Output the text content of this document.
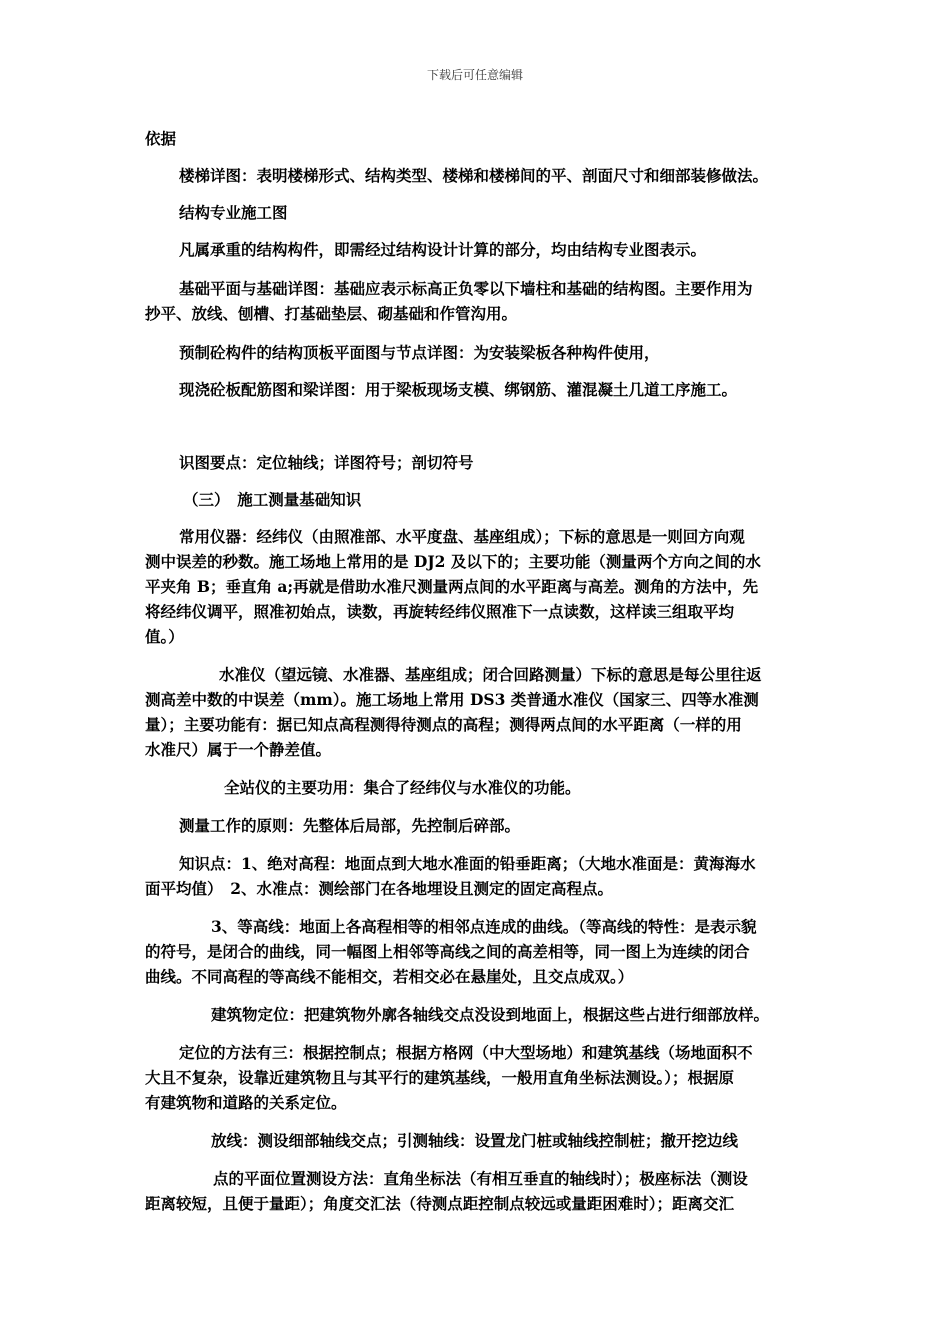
下载后可任意编辑

依据

楼梯详图：表明楼梯形式、结构类型、楼梯和楼梯间的平、剖面尺寸和细部装修做法。

结构专业施工图

凡属承重的结构构件，即需经过结构设计计算的部分，均由结构专业图表示。

基础平面与基础详图：基础应表示标高正负零以下墙柱和基础的结构图。主要作用为

抄平、放线、刨槽、打基础垫层、砌基础和作管沟用。

预制砼构件的结构顶板平面图与节点详图：为安装梁板各种构件使用，

现浇砼板配筋图和梁详图：用于梁板现场支模、绑钢筋、灌混凝土几道工序施工。

识图要点：定位轴线；详图符号；剖切符号

（三）　施工测量基础知识

常用仪器：经纬仪（由照准部、水平度盘、基座组成）；下标的意思是一则回方向观

测中误差的秒数。施工场地上常用的是 DJ2 及以下的；主要功能（测量两个方向之间的水

平夹角 B；垂直角 a;再就是借助水准尺测量两点间的水平距离与高差。测角的方法中，先

将经纬仪调平，照准初始点，读数，再旋转经纬仪照准下一点读数，这样读三组取平均

值。）

水准仪（望远镜、水准器、基座组成；闭合回路测量）下标的意思是每公里往返

测高差中数的中误差（mm）。施工场地上常用 DS3 类普通水准仪（国家三、四等水准测

量）；主要功能有：据已知点高程测得待测点的高程；测得两点间的水平距离（一样的用

水准尺）属于一个静差值。

全站仪的主要功用：集合了经纬仪与水准仪的功能。

测量工作的原则：先整体后局部，先控制后碎部。

知识点：1、绝对高程：地面点到大地水准面的铅垂距离；（大地水准面是：黄海海水

面平均值）　2、水准点：测绘部门在各地埋设且测定的固定高程点。

3、等高线：地面上各高程相等的相邻点连成的曲线。（等高线的特性：是表示貌

的符号，是闭合的曲线，同一幅图上相邻等高线之间的高差相等，同一图上为连续的闭合

曲线。不同高程的等高线不能相交，若相交必在悬崖处，且交点成双。）

建筑物定位：把建筑物外廓各轴线交点没设到地面上，根据这些占进行细部放样。

定位的方法有三：根据控制点；根据方格网（中大型场地）和建筑基线（场地面积不

大且不复杂，设靠近建筑物且与其平行的建筑基线，一般用直角坐标法测设。）；根据原

有建筑物和道路的关系定位。

放线：测设细部轴线交点；引测轴线：设置龙门桩或轴线控制桩；撤开挖边线

点的平面位置测设方法：直角坐标法（有相互垂直的轴线时）；极座标法（测设

距离较短，且便于量距）；角度交汇法（待测点距控制点较远或量距困难时）；距离交汇
